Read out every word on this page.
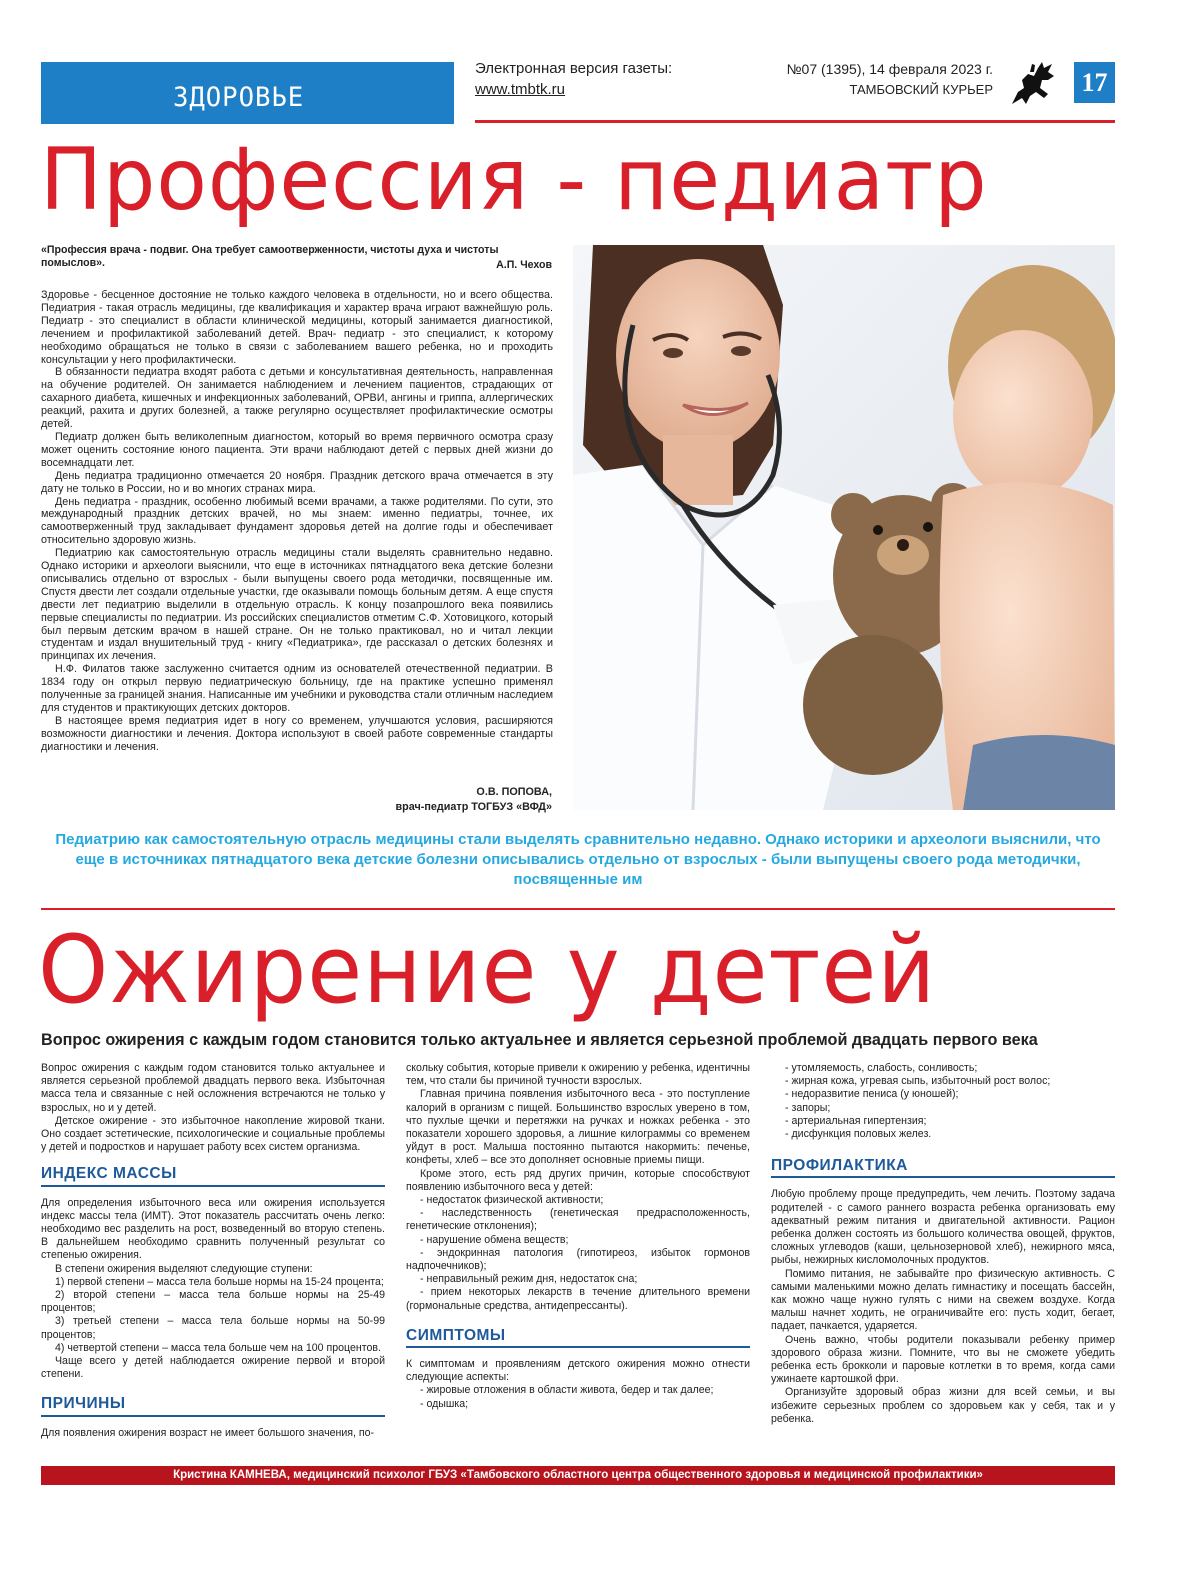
ЗДОРОВЬЕ
Электронная версия газеты:
www.tmbtk.ru
№07 (1395), 14 февраля 2023 г.
ТАМБОВСКИЙ КУРЬЕР	17
Профессия - педиатр
«Профессия врача - подвиг. Она требует самоотверженности, чистоты духа и чистоты помыслов».	А.П. Чехов

Здоровье - бесценное достояние не только каждого человека в отдельности, но и всего общества. Педиатрия - такая отрасль медицины, где квалификация и характер врача играют важнейшую роль. Педиатр - это специалист в области клинической медицины, который занимается диагностикой, лечением и профилактикой заболеваний детей. Врач- педиатр - это специалист, к которому необходимо обращаться не только в связи с заболеванием вашего ребенка, но и проходить консультации у него профилактически.

В обязанности педиатра входят работа с детьми и консультативная деятельность, направленная на обучение родителей. Он занимается наблюдением и лечением пациентов, страдающих от сахарного диабета, кишечных и инфекционных заболеваний, ОРВИ, ангины и гриппа, аллергических реакций, рахита и других болезней, а также регулярно осуществляет профилактические осмотры детей.

Педиатр должен быть великолепным диагностом, который во время первичного осмотра сразу может оценить состояние юного пациента. Эти врачи наблюдают детей с первых дней жизни до восемнадцати лет.

День педиатра традиционно отмечается 20 ноября. Праздник детского врача отмечается в эту дату не только в России, но и во многих странах мира.

День педиатра - праздник, особенно любимый всеми врачами, а также родителями. По сути, это международный праздник детских врачей, но мы знаем: именно педиатры, точнее, их самоотверженный труд закладывает фундамент здоровья детей на долгие годы и обеспечивает относительно здоровую жизнь.

Педиатрию как самостоятельную отрасль медицины стали выделять сравнительно недавно. Однако историки и археологи выяснили, что еще в источниках пятнадцатого века детские болезни описывались отдельно от взрослых - были выпущены своего рода методички, посвященные им. Спустя двести лет создали отдельные участки, где оказывали помощь больным детям. А еще спустя двести лет педиатрию выделили в отдельную отрасль. К концу позапрошлого века появились первые специалисты по педиатрии. Из российских специалистов отметим С.Ф. Хотовицкого, который был первым детским врачом в нашей стране. Он не только практиковал, но и читал лекции студентам и издал внушительный труд - книгу «Педиатрика», где рассказал о детских болезнях и принципах их лечения.

Н.Ф. Филатов также заслуженно считается одним из основателей отечественной педиатрии. В 1834 году он открыл первую педиатрическую больницу, где на практике успешно применял полученные за границей знания. Написанные им учебники и руководства стали отличным наследием для студентов и практикующих детских докторов.

В настоящее время педиатрия идет в ногу со временем, улучшаются условия, расширяются возможности диагностики и лечения. Доктора используют в своей работе современные стандарты диагностики и лечения.

О.В. ПОПОВА,
врач-педиатр ТОГБУЗ «ВФД»
Педиатрию как самостоятельную отрасль медицины стали выделять сравнительно недавно. Однако историки и археологи выяснили, что еще в источниках пятнадцатого века детские болезни описывались отдельно от взрослых - были выпущены своего рода методички, посвященные им
Ожирение у детей
Вопрос ожирения с каждым годом становится только актуальнее и является серьезной проблемой двадцать первого века

Вопрос ожирения с каждым годом становится только актуальнее и является серьезной проблемой двадцать первого века. Избыточная масса тела и связанные с ней осложнения встречаются не только у взрослых, но и у детей.

Детское ожирение - это избыточное накопление жировой ткани. Оно создает эстетические, психологические и социальные проблемы у детей и подростков и нарушает работу всех систем организма.

ИНДЕКС МАССЫ

Для определения избыточного веса или ожирения используется индекс массы тела (ИМТ). Этот показатель рассчитать очень легко: необходимо вес разделить на рост, возведенный во вторую степень. В дальнейшем необходимо сравнить полученный результат со степенью ожирения.

В степени ожирения выделяют следующие ступени:

1) первой степени – масса тела больше нормы на 15-24 процента;

2) второй степени – масса тела больше нормы на 25-49 процентов;

3) третьей степени – масса тела больше нормы на 50-99 процентов;

4) четвертой степени – масса тела больше чем на 100 процентов.

Чаще всего у детей наблюдается ожирение первой и второй степени.

ПРИЧИНЫ

Для появления ожирения возраст не имеет большого значения, по-

скольку события, которые привели к ожирению у ребенка, идентичны тем, что стали бы причиной тучности взрослых.

Главная причина появления избыточного веса - это поступление калорий в организм с пищей. Большинство взрослых уверено в том, что пухлые щечки и перетяжки на ручках и ножках ребенка - это показатели хорошего здоровья, а лишние килограммы со временем уйдут в рост. Малыша постоянно пытаются накормить: печенье, конфеты, хлеб – все это дополняет основные приемы пищи.

Кроме этого, есть ряд других причин, которые способствуют появлению избыточного веса у детей:

- недостаток физической активности;

- наследственность (генетическая предрасположенность, генетические отклонения);

- нарушение обмена веществ;

- эндокринная патология (гипотиреоз, избыток гормонов надпочечников);

- неправильный режим дня, недостаток сна;

- прием некоторых лекарств в течение длительного времени (гормональные средства, антидепрессанты).

СИМПТОМЫ

К симптомам и проявлениям детского ожирения можно отнести следующие аспекты:

- жировые отложения в области живота, бедер и так далее;

- одышка;

- утомляемость, слабость, сонливость;

- жирная кожа, угревая сыпь, избыточный рост волос;

- недоразвитие пениса (у юношей);

- запоры;

- артериальная гипертензия;

- дисфункция половых желез.

ПРОФИЛАКТИКА

Любую проблему проще предупредить, чем лечить. Поэтому задача родителей - с самого раннего возраста ребенка организовать ему адекватный режим питания и двигательной активности. Рацион ребенка должен состоять из большого количества овощей, фруктов, сложных углеводов (каши, цельнозерновой хлеб), нежирного мяса, рыбы, нежирных кисломолочных продуктов.

Помимо питания, не забывайте про физическую активность. С самыми маленькими можно делать гимнастику и посещать бассейн, как можно чаще нужно гулять с ними на свежем воздухе. Когда малыш начнет ходить, не ограничивайте его: пусть ходит, бегает, падает, пачкается, ударяется.

Очень важно, чтобы родители показывали ребенку пример здорового образа жизни. Помните, что вы не сможете убедить ребенка есть брокколи и паровые котлетки в то время, когда сами ужинаете картошкой фри.

Организуйте здоровый образ жизни для всей семьи, и вы избежите серьезных проблем со здоровьем как у себя, так и у ребенка.

Кристина КАМНЕВА, медицинский психолог ГБУЗ «Тамбовского областного центра общественного здоровья и медицинской профилактики»
